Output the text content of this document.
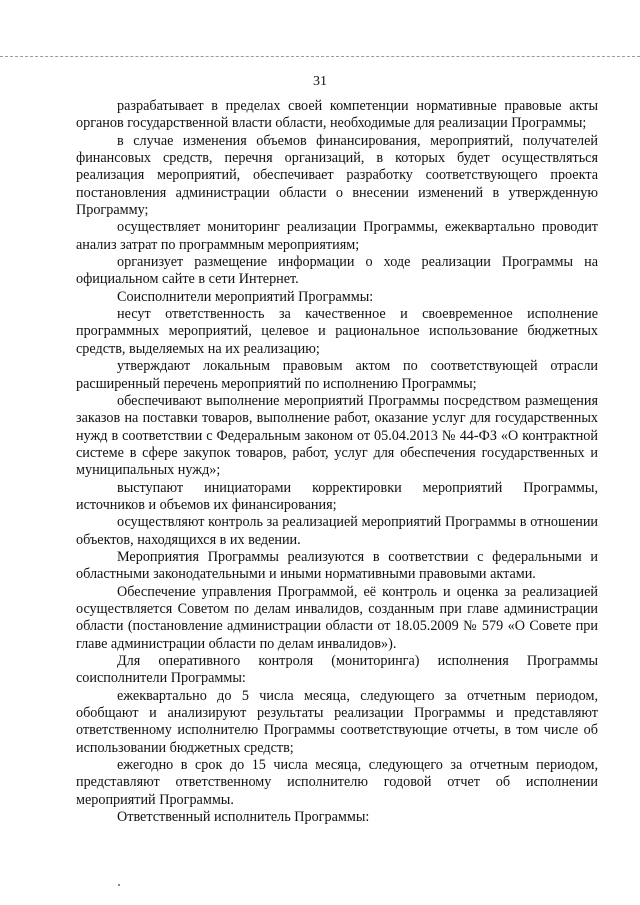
31

разрабатывает в пределах своей компетенции нормативные правовые акты органов государственной власти области, необходимые для реализации Программы;

в случае изменения объемов финансирования, мероприятий, получателей финансовых средств, перечня организаций, в которых будет осуществляться реализация мероприятий, обеспечивает разработку соответствующего проекта постановления администрации области о внесении изменений в утвержденную Программу;

осуществляет мониторинг реализации Программы, ежеквартально проводит анализ затрат по программным мероприятиям;

организует размещение информации о ходе реализации Программы на официальном сайте в сети Интернет.

Соисполнители мероприятий Программы:

несут ответственность за качественное и своевременное исполнение программных мероприятий, целевое и рациональное использование бюджетных средств, выделяемых на их реализацию;

утверждают локальным правовым актом по соответствующей отрасли расширенный перечень мероприятий по исполнению Программы;

обеспечивают выполнение мероприятий Программы посредством размещения заказов на поставки товаров, выполнение работ, оказание услуг для государственных нужд в соответствии с Федеральным законом от 05.04.2013 № 44-ФЗ «О контрактной системе в сфере закупок товаров, работ, услуг для обеспечения государственных и муниципальных нужд»;

выступают инициаторами корректировки мероприятий Программы, источников и объемов их финансирования;

осуществляют контроль за реализацией мероприятий Программы в отношении объектов, находящихся в их ведении.

Мероприятия Программы реализуются в соответствии с федеральными и областными законодательными и иными нормативными правовыми актами.

Обеспечение управления Программой, её контроль и оценка за реализацией осуществляется Советом по делам инвалидов, созданным при главе администрации области (постановление администрации области от 18.05.2009 № 579 «О Совете при главе администрации области по делам инвалидов»).

Для оперативного контроля (мониторинга) исполнения Программы соисполнители Программы:

ежеквартально до 5 числа месяца, следующего за отчетным периодом, обобщают и анализируют результаты реализации Программы и представляют ответственному исполнителю Программы соответствующие отчеты, в том числе об использовании бюджетных средств;

ежегодно в срок до 15 числа месяца, следующего за отчетным периодом, представляют ответственному исполнителю годовой отчет об исполнении мероприятий Программы.

Ответственный исполнитель Программы:
